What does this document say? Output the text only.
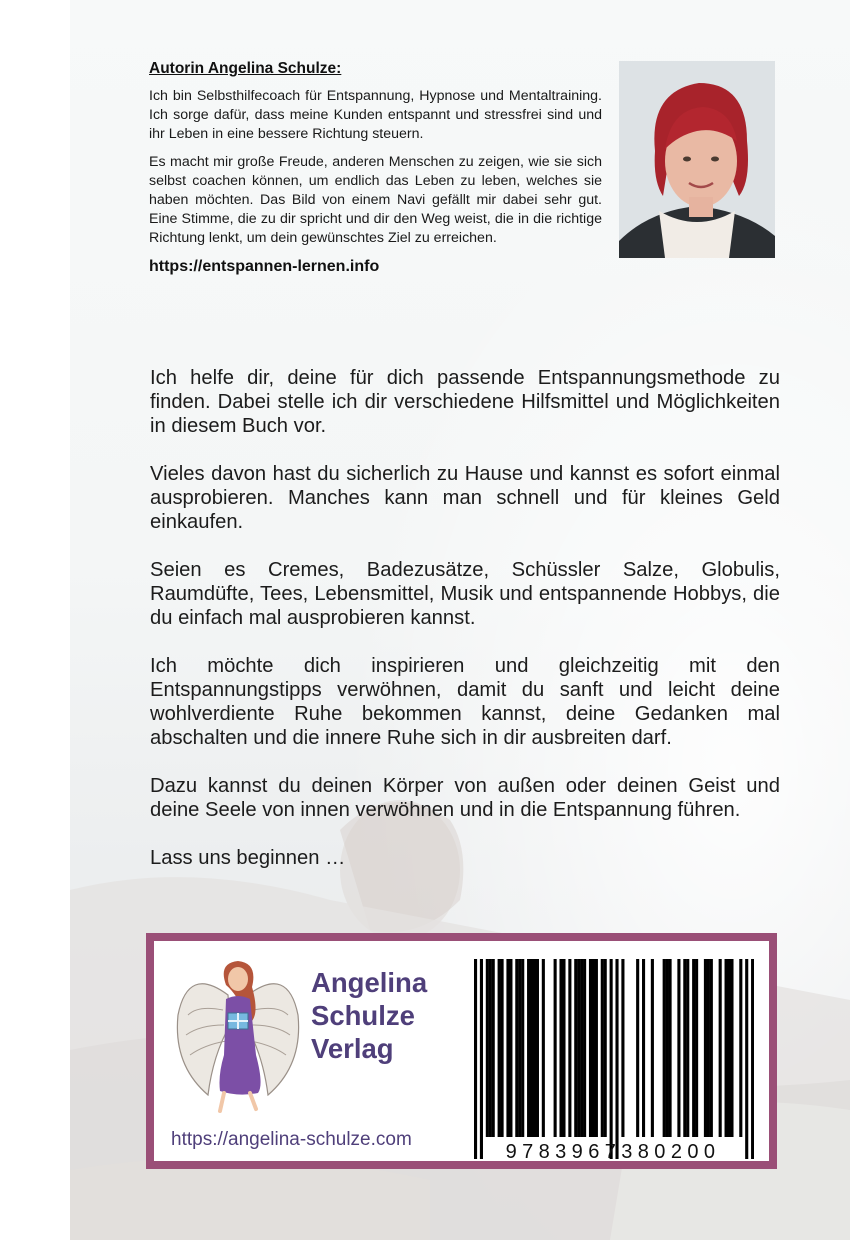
Autorin Angelina Schulze:

Ich bin Selbsthilfecoach für Entspannung, Hypnose und Mentaltraining. Ich sorge dafür, dass meine Kunden entspannt und stressfrei sind und ihr Leben in eine bessere Richtung steuern.

Es macht mir große Freude, anderen Menschen zu zeigen, wie sie sich selbst coachen können, um endlich das Leben zu leben, welches sie haben möchten. Das Bild von einem Navi gefällt mir dabei sehr gut. Eine Stimme, die zu dir spricht und dir den Weg weist, die in die richtige Richtung lenkt, um dein gewünschtes Ziel zu erreichen.

https://entspannen-lernen.info

Ich helfe dir, deine für dich passende Entspannungsmethode zu finden. Dabei stelle ich dir verschiedene Hilfsmittel und Möglichkeiten in diesem Buch vor.

Vieles davon hast du sicherlich zu Hause und kannst es sofort einmal ausprobieren. Manches kann man schnell und für kleines Geld einkaufen.

Seien es Cremes, Badezusätze, Schüssler Salze, Globulis, Raumdüfte, Tees, Lebensmittel, Musik und entspannende Hobbys, die du einfach mal ausprobieren kannst.

Ich möchte dich inspirieren und gleichzeitig mit den Entspannungstipps verwöhnen, damit du sanft und leicht deine wohlverdiente Ruhe bekommen kannst, deine Gedanken mal abschalten und die innere Ruhe sich in dir ausbreiten darf.

Dazu kannst du deinen Körper von außen oder deinen Geist und deine Seele von innen verwöhnen und in die Entspannung führen.

Lass uns beginnen …

Angelina
Schulze
Verlag
https://angelina-schulze.com
9783967380200
